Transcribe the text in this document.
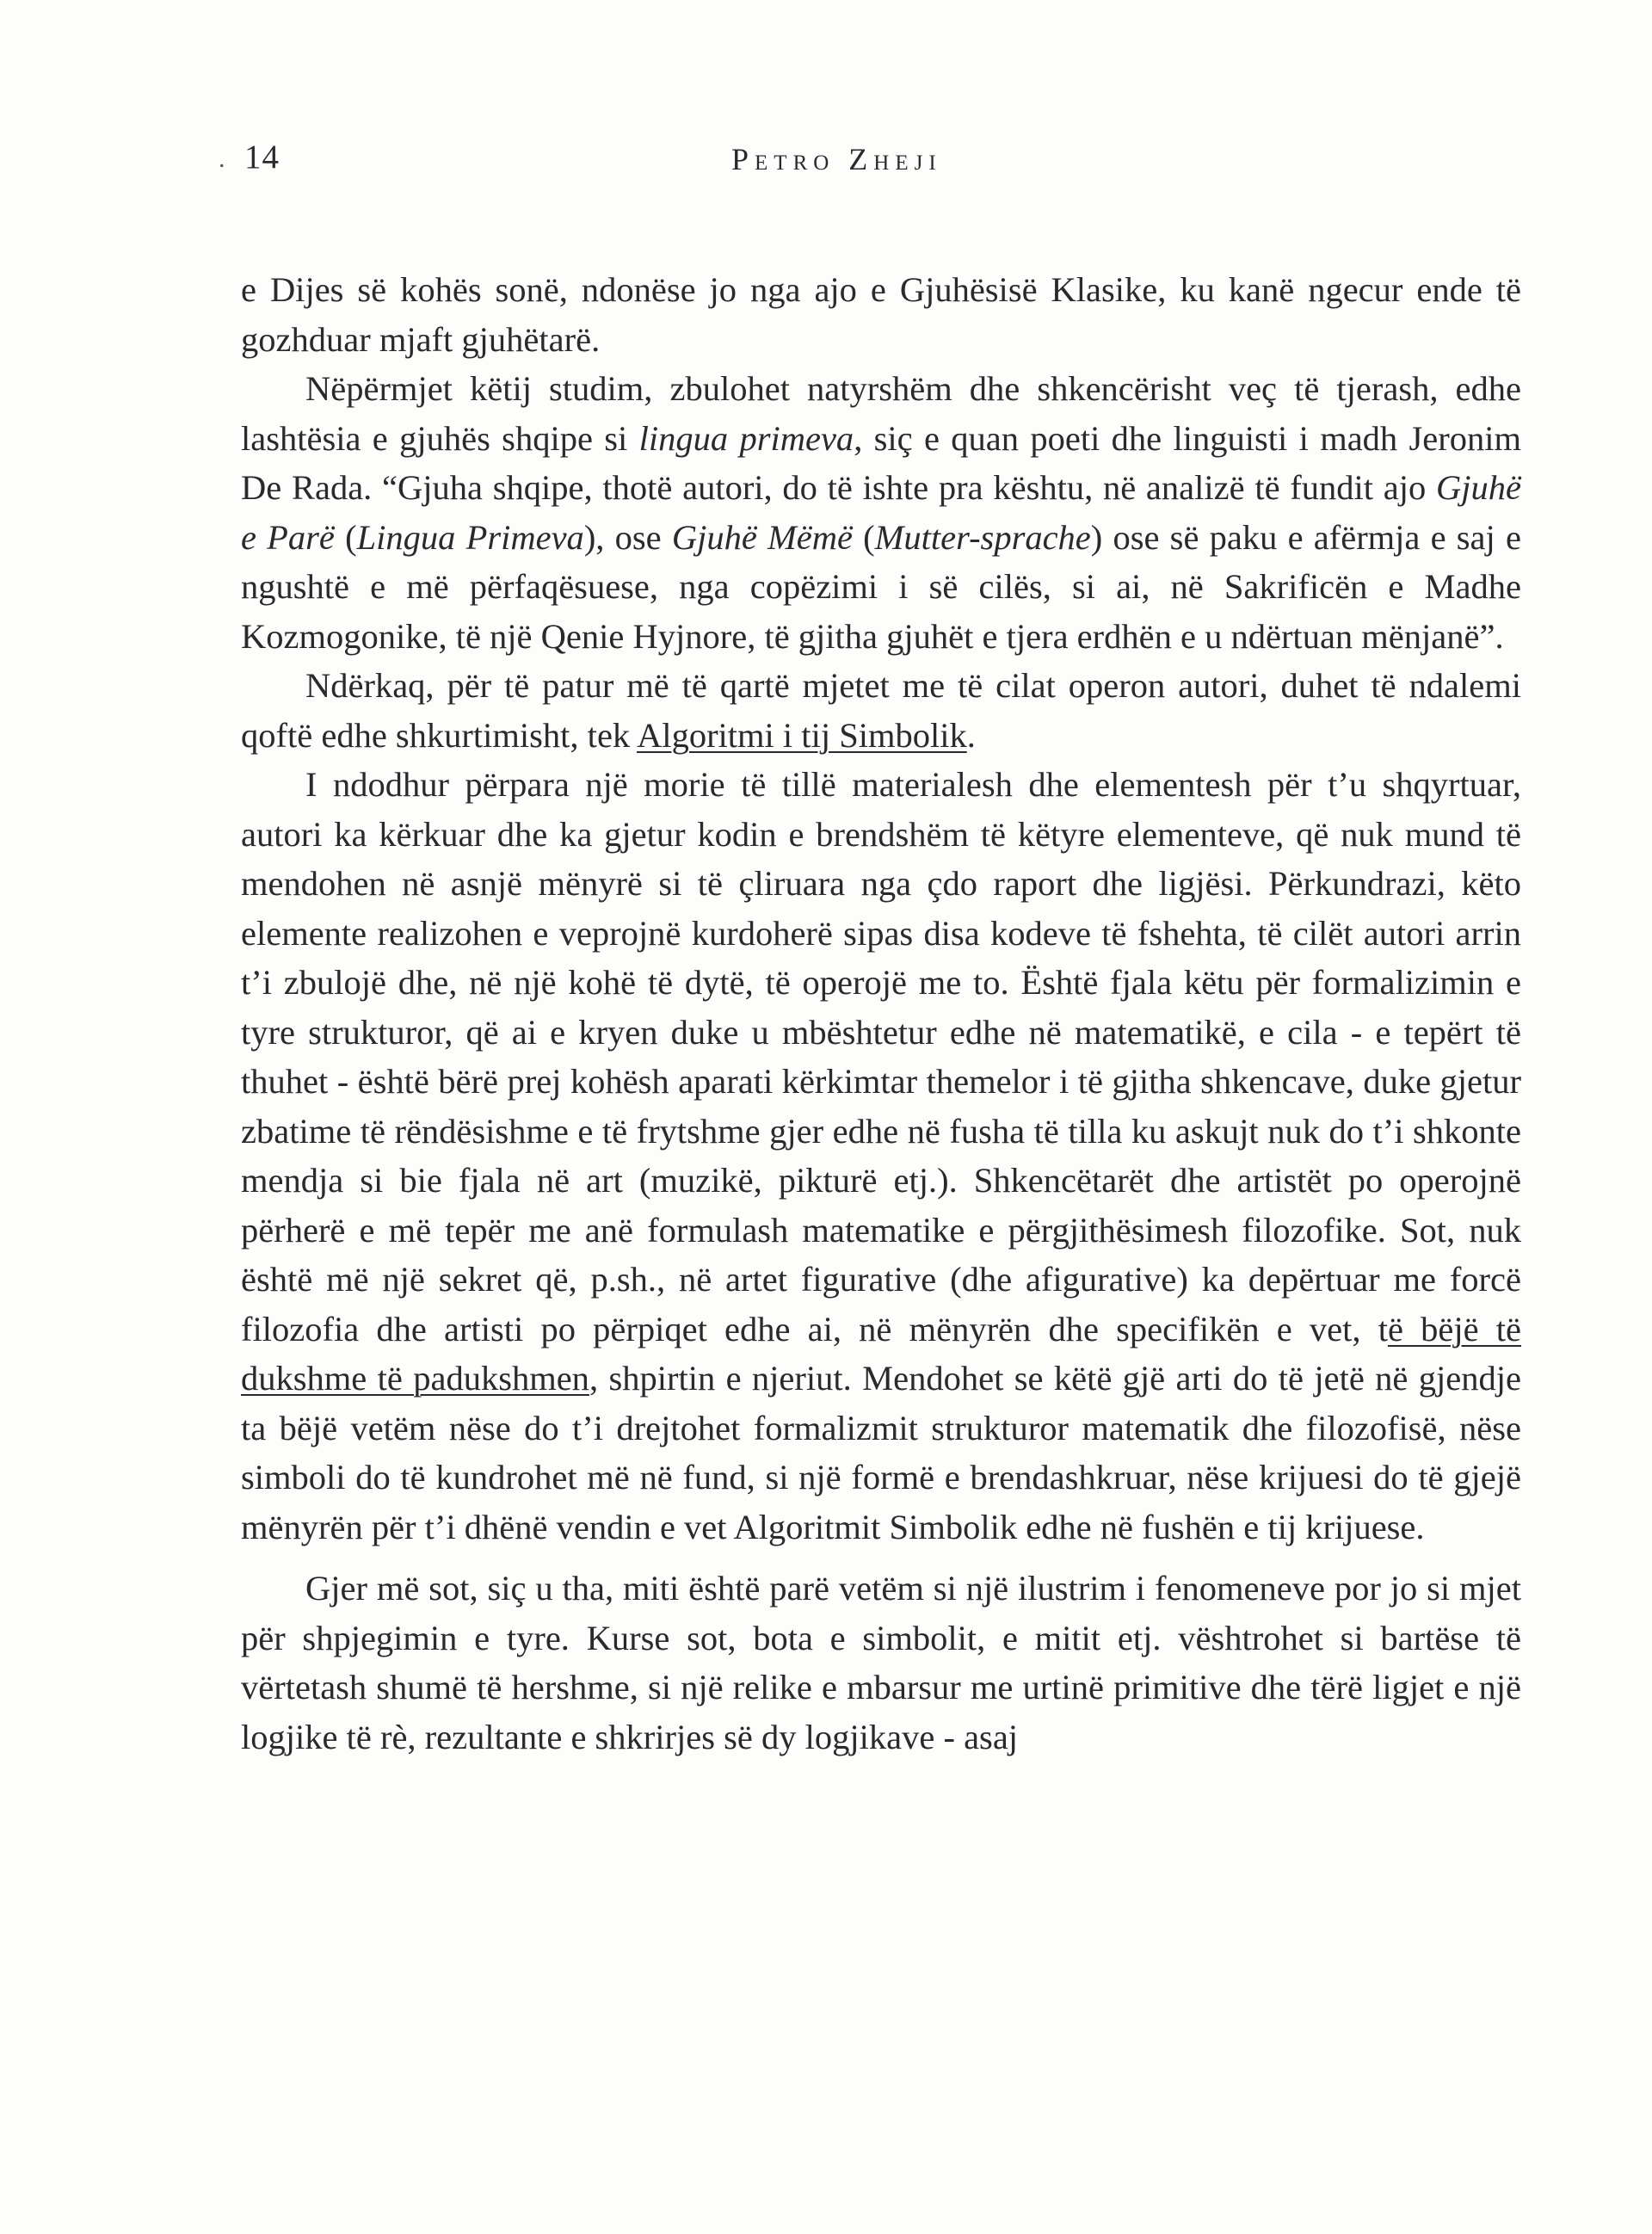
. 14	Petro Zheji

e Dijes së kohës sonë, ndonëse jo nga ajo e Gjuhësisë Klasike, ku kanë ngecur ende të gozhduar mjaft gjuhëtarë.

Nëpërmjet këtij studim, zbulohet natyrshëm dhe shkencërisht veç të tjerash, edhe lashtësia e gjuhës shqipe si lingua primeva, siç e quan poeti dhe linguisti i madh Jeronim De Rada. “Gjuha shqipe, thotë autori, do të ishte pra kështu, në analizë të fundit ajo Gjuhë e Parë (Lingua Primeva), ose Gjuhë Mëmë (Mutter-sprache) ose së paku e afërmja e saj e ngushtë e më përfaqësuese, nga copëzimi i së cilës, si ai, në Sakrificën e Madhe Kozmogonike, të një Qenie Hyjnore, të gjitha gjuhët e tjera erdhën e u ndërtuan mënjanë”.

Ndërkaq, për të patur më të qartë mjetet me të cilat operon autori, duhet të ndalemi qoftë edhe shkurtimisht, tek Algoritmi i tij Simbolik.

I ndodhur përpara një morie të tillë materialesh dhe elementesh për t’u shqyrtuar, autori ka kërkuar dhe ka gjetur kodin e brendshëm të këtyre elementeve, që nuk mund të mendohen në asnjë mënyrë si të çliruara nga çdo raport dhe ligjësi. Përkundrazi, këto elemente realizohen e veprojnë kurdoherë sipas disa kodeve të fshehta, të cilët autori arrin t’i zbulojë dhe, në një kohë të dytë, të operojë me to. Është fjala këtu për formalizimin e tyre strukturor, që ai e kryen duke u mbështetur edhe në matematikë, e cila - e tepërt të thuhet - është bërë prej kohësh aparati kërkimtar themelor i të gjitha shkencave, duke gjetur zbatime të rëndësishme e të frytshme gjer edhe në fusha të tilla ku askujt nuk do t’i shkonte mendja si bie fjala në art (muzikë, pikturë etj.). Shkencëtarët dhe artistët po operojnë përherë e më tepër me anë formulash matematike e përgjithësimesh filozofike. Sot, nuk është më një sekret që, p.sh., në artet figurative (dhe afigurative) ka depërtuar me forcë filozofia dhe artisti po përpiqet edhe ai, në mënyrën dhe specifikën e vet, të bëjë të dukshme të padukshmen, shpirtin e njeriut. Mendohet se këtë gjë arti do të jetë në gjendje ta bëjë vetëm nëse do t’i drejtohet formalizmit strukturor matematik dhe filozofisë, nëse simboli do të kundrohet më në fund, si një formë e brendashkruar, nëse krijuesi do të gjejë mënyrën për t’i dhënë vendin e vet Algoritmit Simbolik edhe në fushën e tij krijuese.

Gjer më sot, siç u tha, miti është parë vetëm si një ilustrim i fenomeneve por jo si mjet për shpjegimin e tyre. Kurse sot, bota e simbolit, e mitit etj. vështrohet si bartëse të vërtetash shumë të hershme, si një relike e mbarsur me urtinë primitive dhe tërë ligjet e një logjike të rè, rezultante e shkrirjes së dy logjikave - asaj
